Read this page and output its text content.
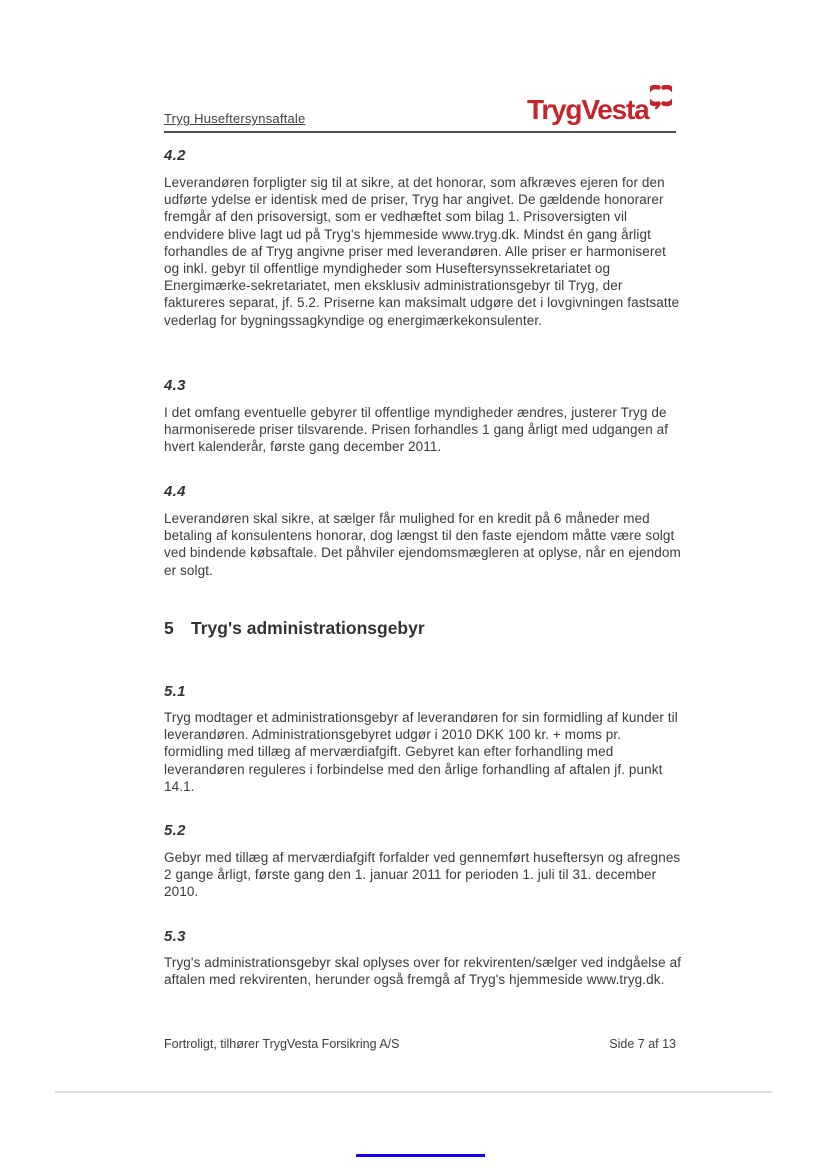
Tryg Huseftersynsaftale	TrygVesta
4.2
Leverandøren forpligter sig til at sikre, at det honorar, som afkræves ejeren for den udførte ydelse er identisk med de priser, Tryg har angivet. De gældende honorarer fremgår af den prisoversigt, som er vedhæftet som bilag 1. Prisoversigten vil endvidere blive lagt ud på Tryg's hjemmeside www.tryg.dk. Mindst én gang årligt forhandles de af Tryg angivne priser med leverandøren. Alle priser er harmoniseret og inkl. gebyr til offentlige myndigheder som Huseftersynssekretariatet og Energimærke-sekretariatet, men eksklusiv administrationsgebyr til Tryg, der faktureres separat, jf. 5.2. Priserne kan maksimalt udgøre det i lovgivningen fastsatte vederlag for bygningssagkyndige og energimærkekonsulenter.
4.3
I det omfang eventuelle gebyrer til offentlige myndigheder ændres, justerer Tryg de harmoniserede priser tilsvarende. Prisen forhandles 1 gang årligt med udgangen af hvert kalenderår, første gang december 2011.
4.4
Leverandøren skal sikre, at sælger får mulighed for en kredit på 6 måneder med betaling af konsulentens honorar, dog længst til den faste ejendom måtte være solgt ved bindende købsaftale. Det påhviler ejendomsmægleren at oplyse, når en ejendom er solgt.
5 Tryg's administrationsgebyr
5.1
Tryg modtager et administrationsgebyr af leverandøren for sin formidling af kunder til leverandøren. Administrationsgebyret udgør i 2010 DKK 100 kr. + moms pr. formidling med tillæg af merværdiafgift. Gebyret kan efter forhandling med leverandøren reguleres i forbindelse med den årlige forhandling af aftalen jf. punkt 14.1.
5.2
Gebyr med tillæg af merværdiafgift forfalder ved gennemført huseftersyn og afregnes 2 gange årligt, første gang den 1. januar 2011 for perioden 1. juli til 31. december 2010.
5.3
Tryg's administrationsgebyr skal oplyses over for rekvirenten/sælger ved indgåelse af aftalen med rekvirenten, herunder også fremgå af Tryg's hjemmeside www.tryg.dk.
Fortroligt, tilhører TrygVesta Forsikring A/S	Side 7 af 13
